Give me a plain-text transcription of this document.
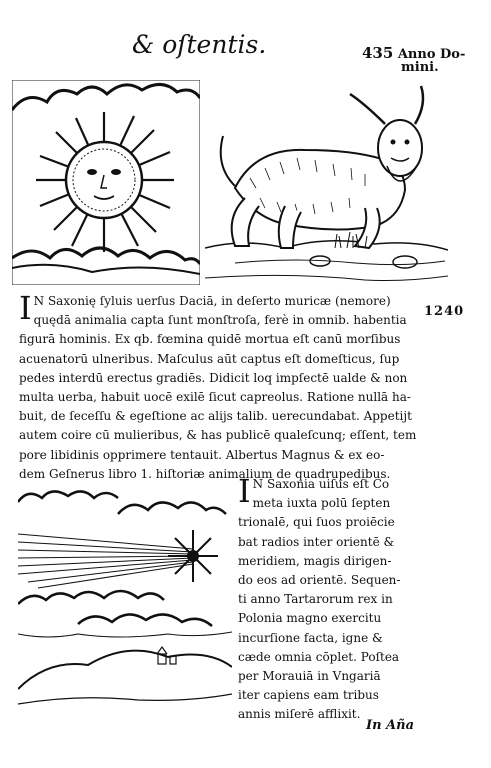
& oſtentis.	435 Anno Do-
mini.
I N Saxonię ſyluis uerſus Daciā, in deſerto muricæ (nemore)
quędā animalia capta ſunt monſtroſa, ferè in omnib. habentia
figurā hominis. Ex qb. fœmina quidē mortua eſt canū morſibus
acuenatorū ulneribus. Maſculus aūt captus eſt domeſticus, ſup
pedes interdū erectus gradiēs. Didicit loq impſectē ualde & non
multa uerba, habuit uocē exilē ſicut capreolus. Ratione nullā ha-
buit, de ſeceſſu & egeſtione ac alijs talib. uerecundabat. Appetijt
autem coire cū mulieribus, & has publicē qualeſcunq; eſſent, tem
pore libidinis opprimere tentauit. Albertus Magnus & ex eo-
dem Geſnerus libro 1. hiſtoriæ animalium de quadrupedibus.
1240
I N Saxonia uiſus eſt Co
meta iuxta polū ſepten
trionalē, qui ſuos proiēcie
bat radios inter orientē &
meridiem, magis dirigen-
do eos ad orientē. Sequen-
ti anno Tartarorum rex in
Polonia magno exercitu
incurſione facta, igne &
cæde omnia cōplet. Poſtea
per Morauiā in Vngariā
iter capiens eam tribus
annis miſerē afflixit.
In Aña
